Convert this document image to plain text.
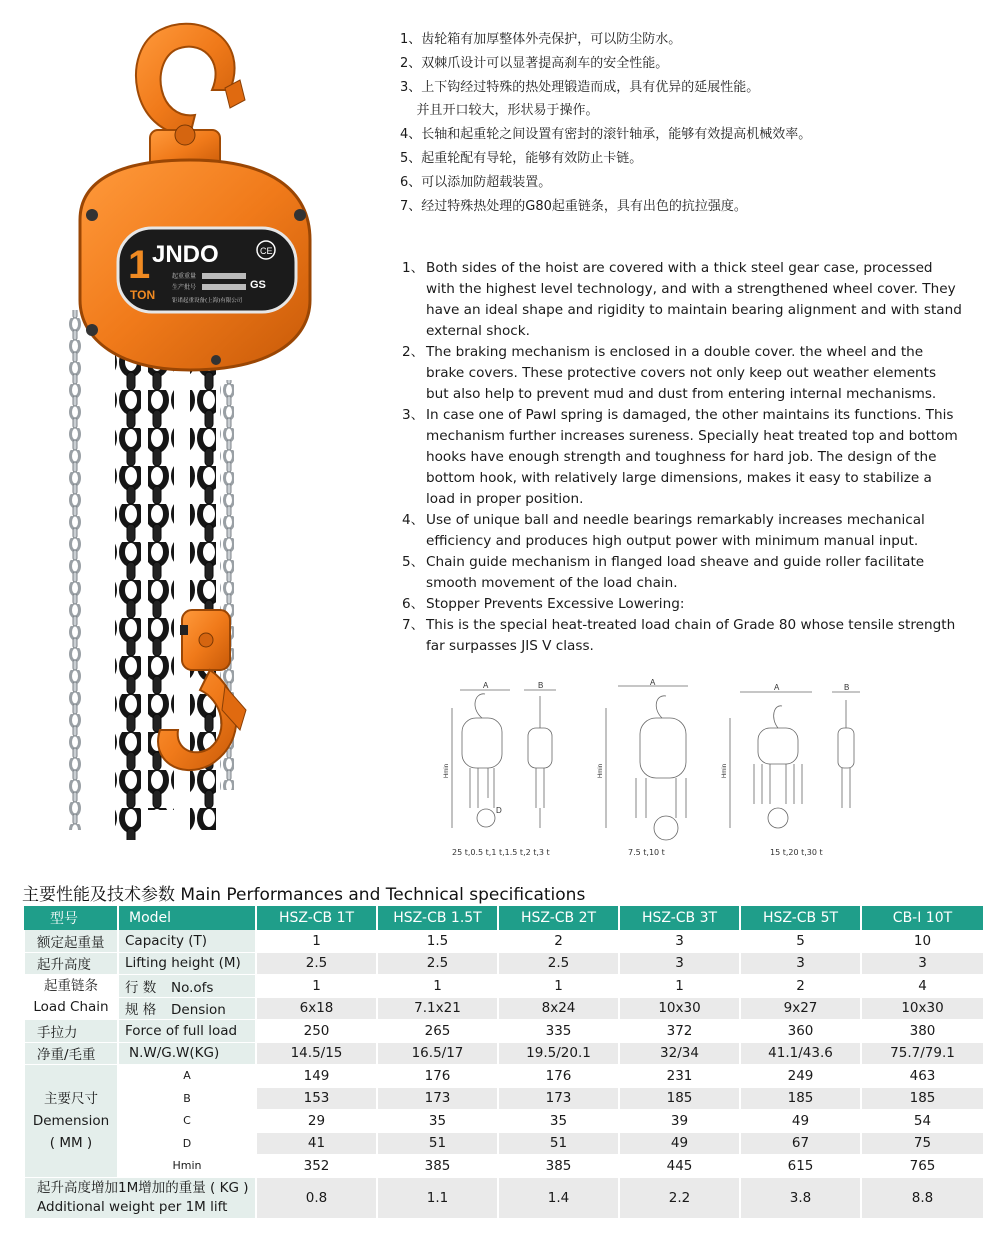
1
TON
JNDO	CE
起重重量
生产批号
钜诺起重设备(上海)有限公司
GS
1、齿轮箱有加厚整体外壳保护，可以防尘防水。
2、双棘爪设计可以显著提高刹车的安全性能。
3、上下钩经过特殊的热处理锻造而成，具有优异的延展性能。
并且开口较大，形状易于操作。
4、长轴和起重轮之间设置有密封的滚针轴承，能够有效提高机械效率。
5、起重轮配有导轮，能够有效防止卡链。
6、可以添加防超载装置。
7、经过特殊热处理的G80起重链条，具有出色的抗拉强度。
1、 Both sides of the hoist are covered with a thick steel gear case, processed with the highest level technology, and with a strengthened wheel cover. They have an ideal shape and rigidity to maintain bearing alignment and with stand external shock.
2、 The braking mechanism is enclosed in a double cover. the wheel and the brake covers. These protective covers not only keep out weather elements but also help to prevent mud and dust from entering internal mechanisms.
3、 In case one of Pawl spring is damaged, the other maintains its functions. This mechanism further increases sureness. Specially heat treated top and bottom hooks have enough strength and toughness for hard job. The design of the bottom hook, with relatively large dimensions, makes it easy to stabilize a load in proper position.
4、 Use of unique ball and needle bearings remarkably increases mechanical efficiency and produces high output power with minimum manual input.
5、 Chain guide mechanism in flanged load sheave and guide roller facilitate smooth movement of the load chain.
6、 Stopper Prevents Excessive Lowering:
7、 This is the special heat-treated load chain of Grade 80 whose tensile strength far surpasses JIS V class.
A	B	A
A	B
D
Hmin	Hmin	Hmin
25 t,0.5 t,1 t,1.5 t,2 t,3 t	7.5 t,10 t	15 t,20 t,30 t
主要性能及技术参数 Main Performances and Technical specifications
型号	Model	HSZ-CB 1T	HSZ-CB 1.5T	HSZ-CB 2T	HSZ-CB 3T	HSZ-CB 5T	CB-Ⅰ 10T
额定起重量	Capacity (T)	1	1.5	2	3	5	10
起升高度	Lifting height (M)	2.5	2.5	2.5	3	3	3

起重链条
Load Chain	行 数 No.ofs	1	1	1	1	2	4
	规 格 Dension	6x18	7.1x21	8x24	10x30	9x27	10x30
手拉力	Force of full load	250	265	335	372	360	380
净重/毛重	N.W/G.W(KG)	14.5/15	16.5/17	19.5/20.1	32/34	41.1/43.6	75.7/79.1

主要尺寸
Demension
( MM )	A	149	176	176	231	249	463
	B	153	173	173	185	185	185
	C	29	35	35	39	49	54
	D	41	51	51	49	67	75
	Hmin	352	385	385	445	615	765

起升高度增加1M增加的重量 ( KG )
Additional weight per 1M lift		0.8	1.1	1.4	2.2	3.8	8.8
